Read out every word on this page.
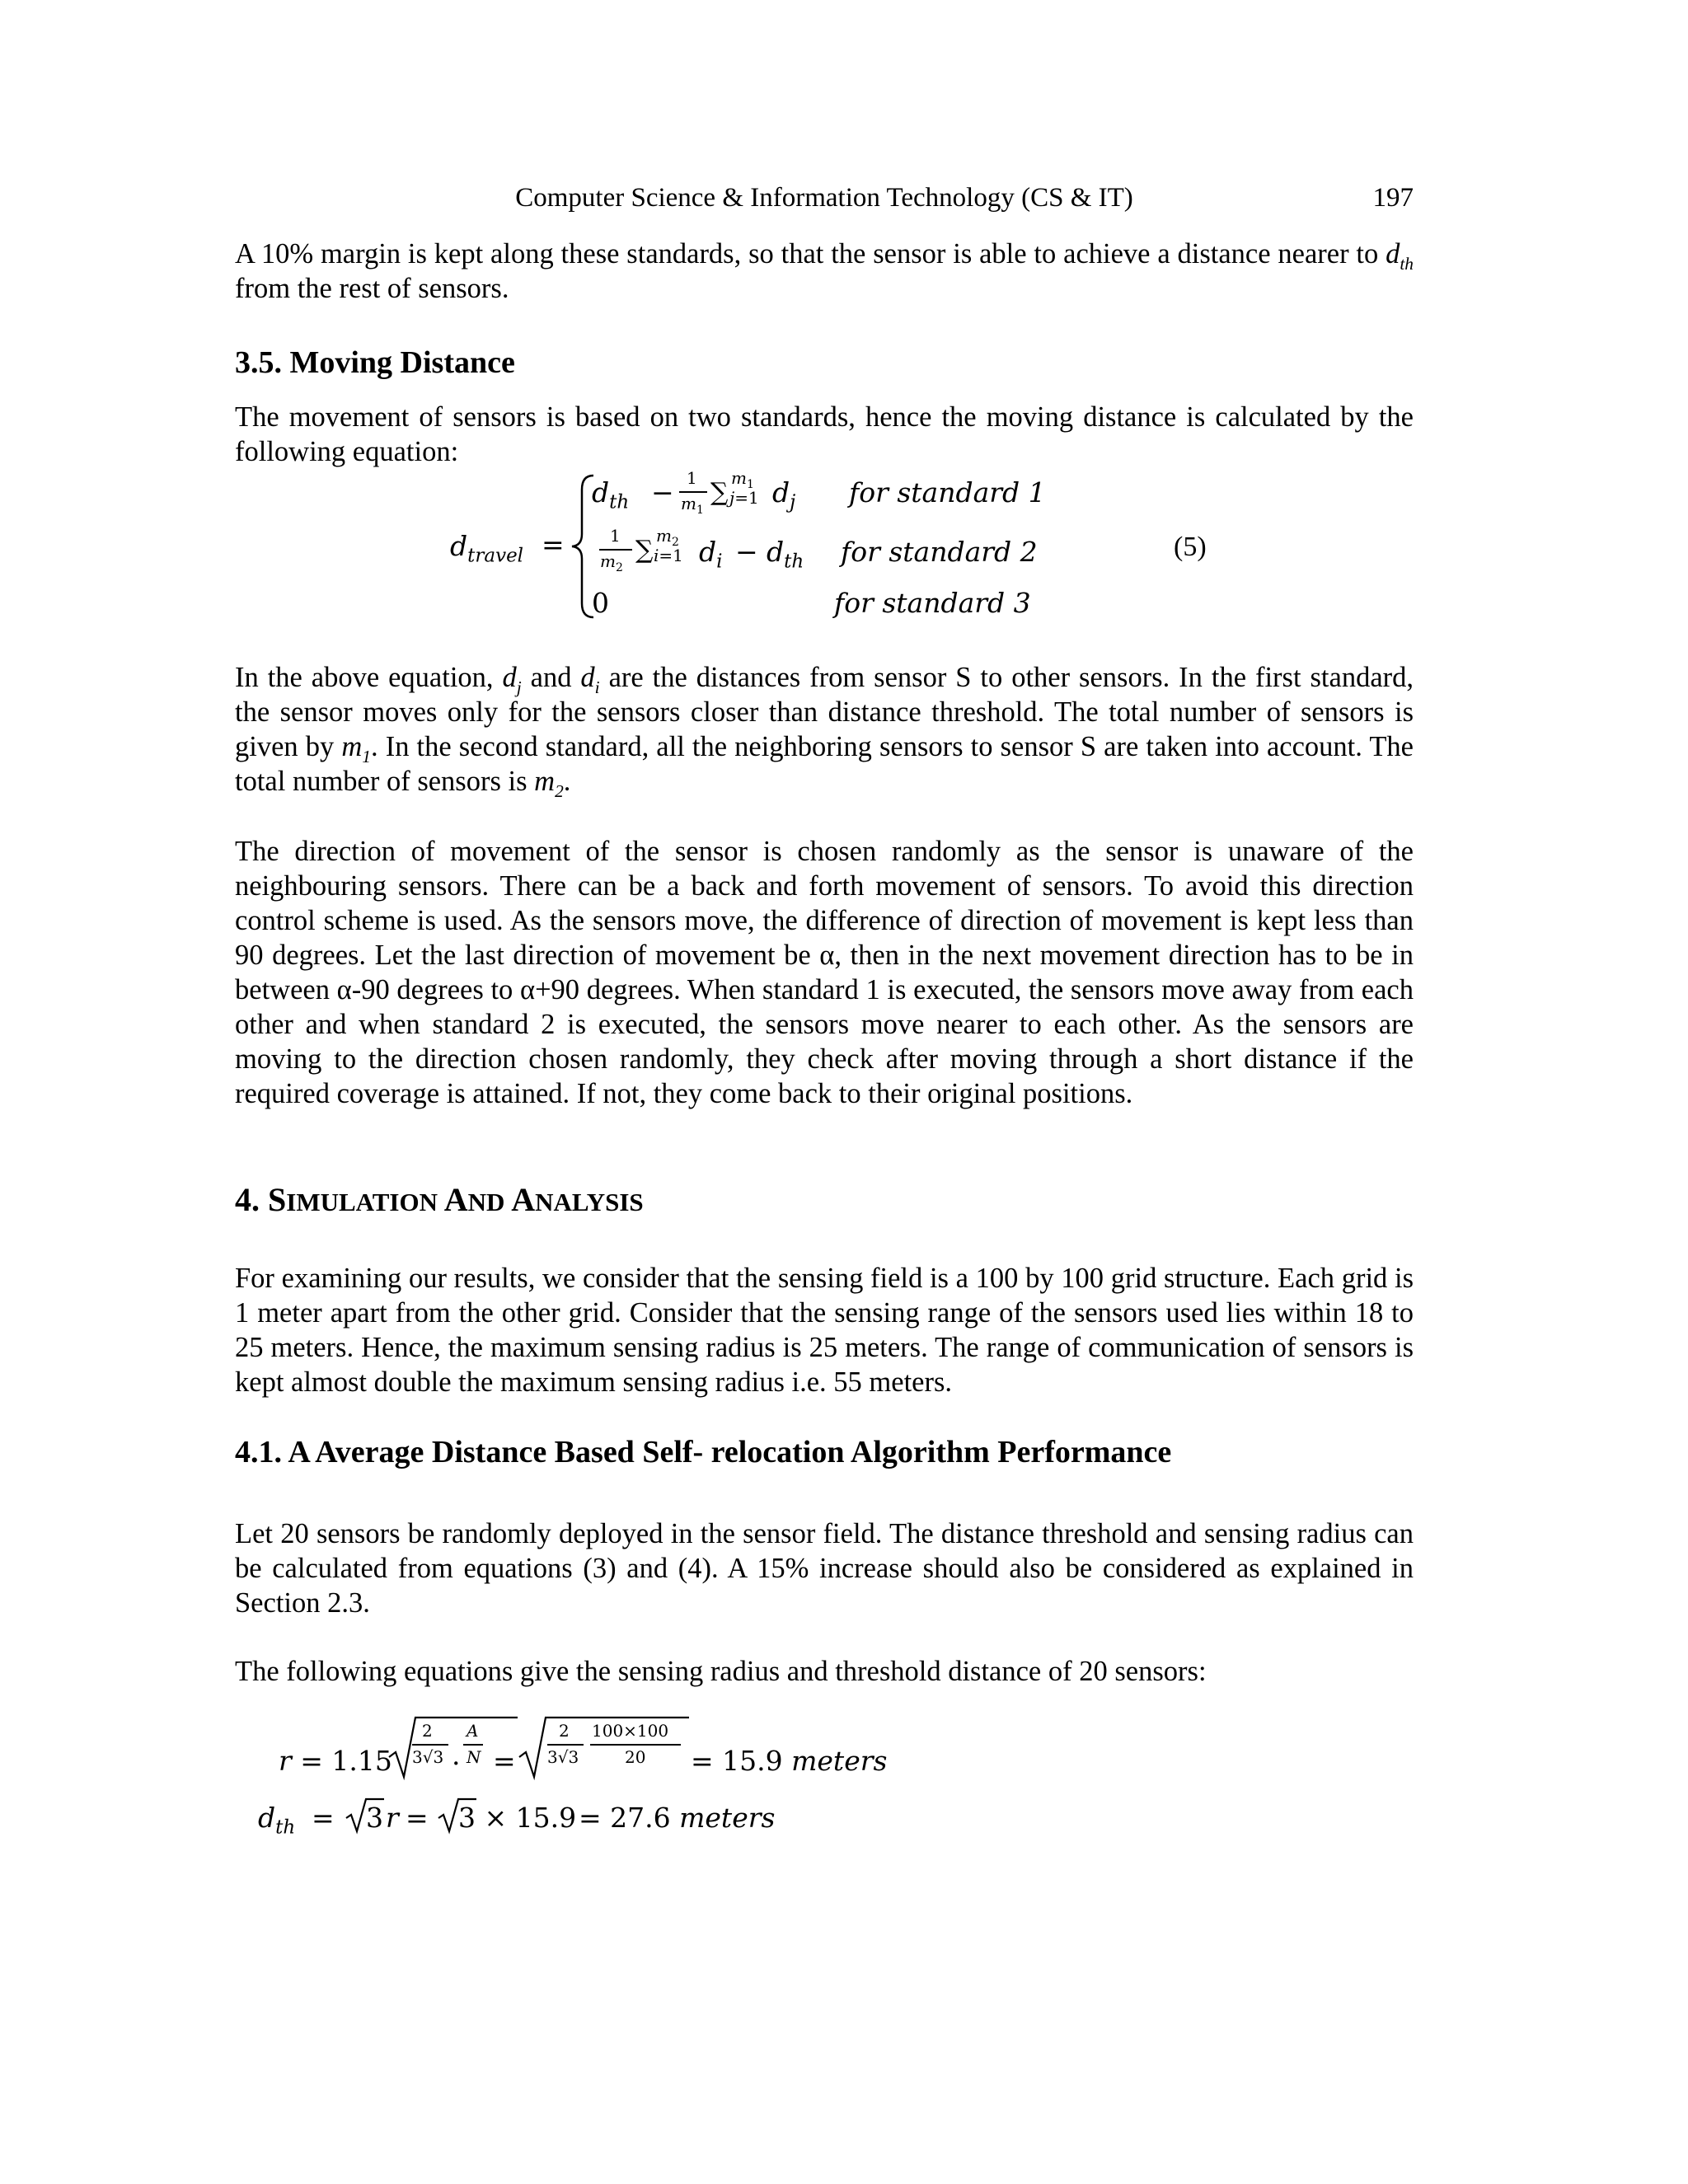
Computer Science & Information Technology (CS & IT)	197
A 10% margin is kept along these standards, so that the sensor is able to achieve a distance nearer to $d_{th}$ from the rest of sensors.
3.5. Moving Distance
The movement of sensors is based on two standards, hence the moving distance is calculated by the following equation:
$d_{travel}$ =
$d_{th} - 1$
$m_1$
∑ $m_1$
j=1 $d_j$ for standard 1
1
$m_2$
∑ $m_2$
i=1 $d_i - d_{th}$ for standard 2
0	for standard 3
(5)
In the above equation, $d_j$ and $d_i$ are the distances from sensor S to other sensors. In the first standard, the sensor moves only for the sensors closer than distance threshold. The total number of sensors is given by $m_1$. In the second standard, all the neighboring sensors to sensor S are taken into account. The total number of sensors is $m_2$.
The direction of movement of the sensor is chosen randomly as the sensor is unaware of the neighbouring sensors. There can be a back and forth movement of sensors. To avoid this direction control scheme is used. As the sensors move, the difference of direction of movement is kept less than 90 degrees. Let the last direction of movement be α, then in the next movement direction has to be in between α-90 degrees to α+90 degrees. When standard 1 is executed, the sensors move away from each other and when standard 2 is executed, the sensors move nearer to each other. As the sensors are moving to the direction chosen randomly, they check after moving through a short distance if the required coverage is attained. If not, they come back to their original positions.
4. SIMULATION AND ANALYSIS
For examining our results, we consider that the sensing field is a 100 by 100 grid structure. Each grid is 1 meter apart from the other grid. Consider that the sensing range of the sensors used lies within 18 to 25 meters. Hence, the maximum sensing radius is 25 meters. The range of communication of sensors is kept almost double the maximum sensing radius i.e. 55 meters.
4.1. A Average Distance Based Self- relocation Algorithm Performance
Let 20 sensors be randomly deployed in the sensor field. The distance threshold and sensing radius can be calculated from equations (3) and (4). A 15% increase should also be considered as explained in Section 2.3.
The following equations give the sensing radius and threshold distance of 20 sensors:
r = 1.15
2
3√3 .
A
N =
2
3√3
100×100
20 = 15.9 meters
$d_{th} = 3$ r = 3 × 15.9 = 27.6 meters
